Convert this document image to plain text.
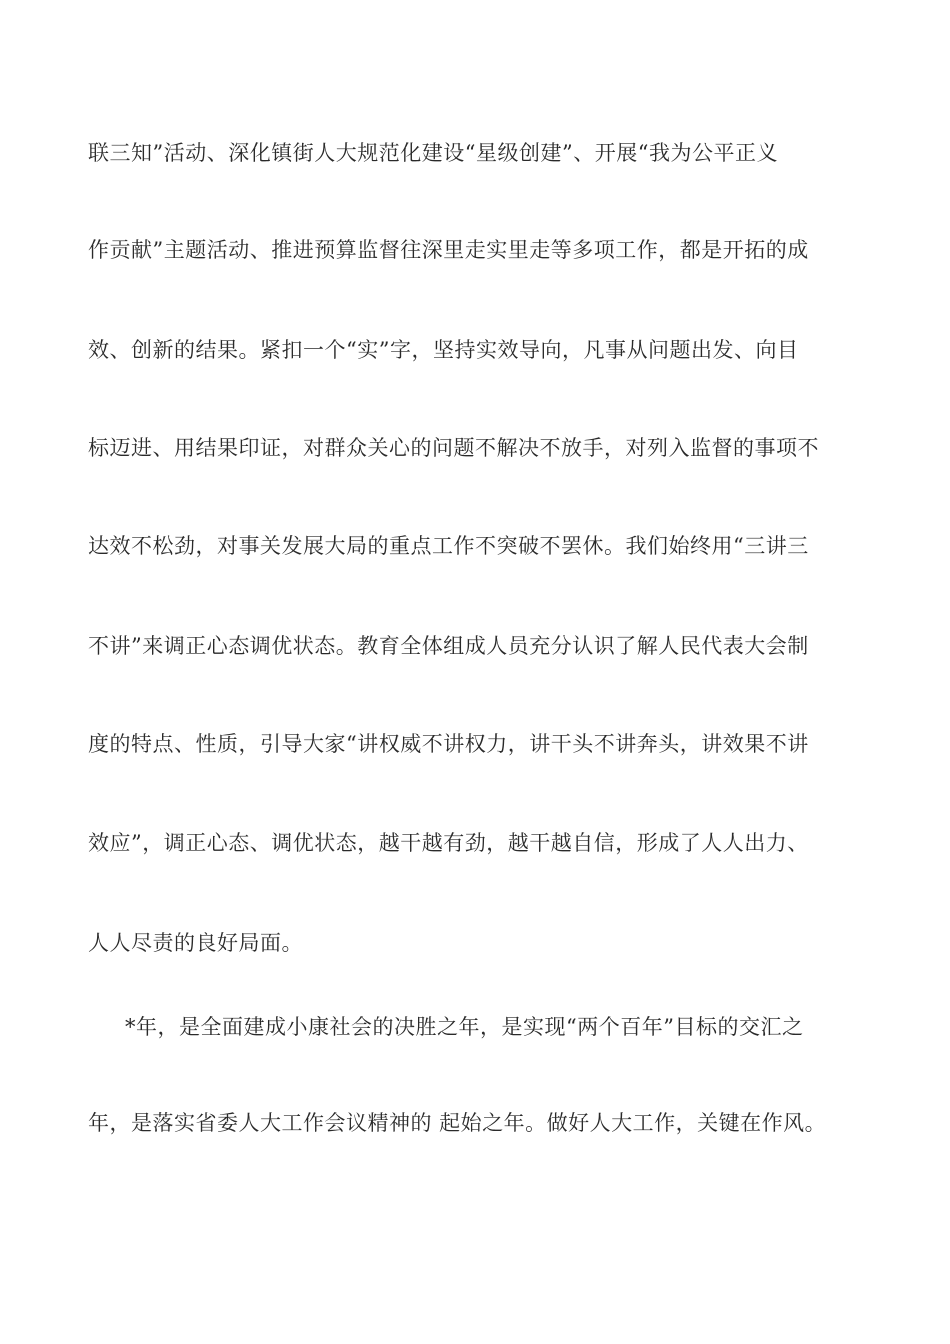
联三知”活动、深化镇街人大规范化建设“星级创建”、开展“我为公平正义
作贡献”主题活动、推进预算监督往深里走实里走等多项工作，都是开拓的成
效、创新的结果。紧扣一个“实”字，坚持实效导向，凡事从问题出发、向目
标迈进、用结果印证，对群众关心的问题不解决不放手，对列入监督的事项不
达效不松劲，对事关发展大局的重点工作不突破不罢休。我们始终用“三讲三
不讲”来调正心态调优状态。教育全体组成人员充分认识了解人民代表大会制
度的特点、性质，引导大家“讲权威不讲权力，讲干头不讲奔头，讲效果不讲
效应”，调正心态、调优状态，越干越有劲，越干越自信，形成了人人出力、
人人尽责的良好局面。
*年，是全面建成小康社会的决胜之年，是实现“两个百年”目标的交汇之
年，是落实省委人大工作会议精神的 起始之年。做好人大工作，关键在作风。
